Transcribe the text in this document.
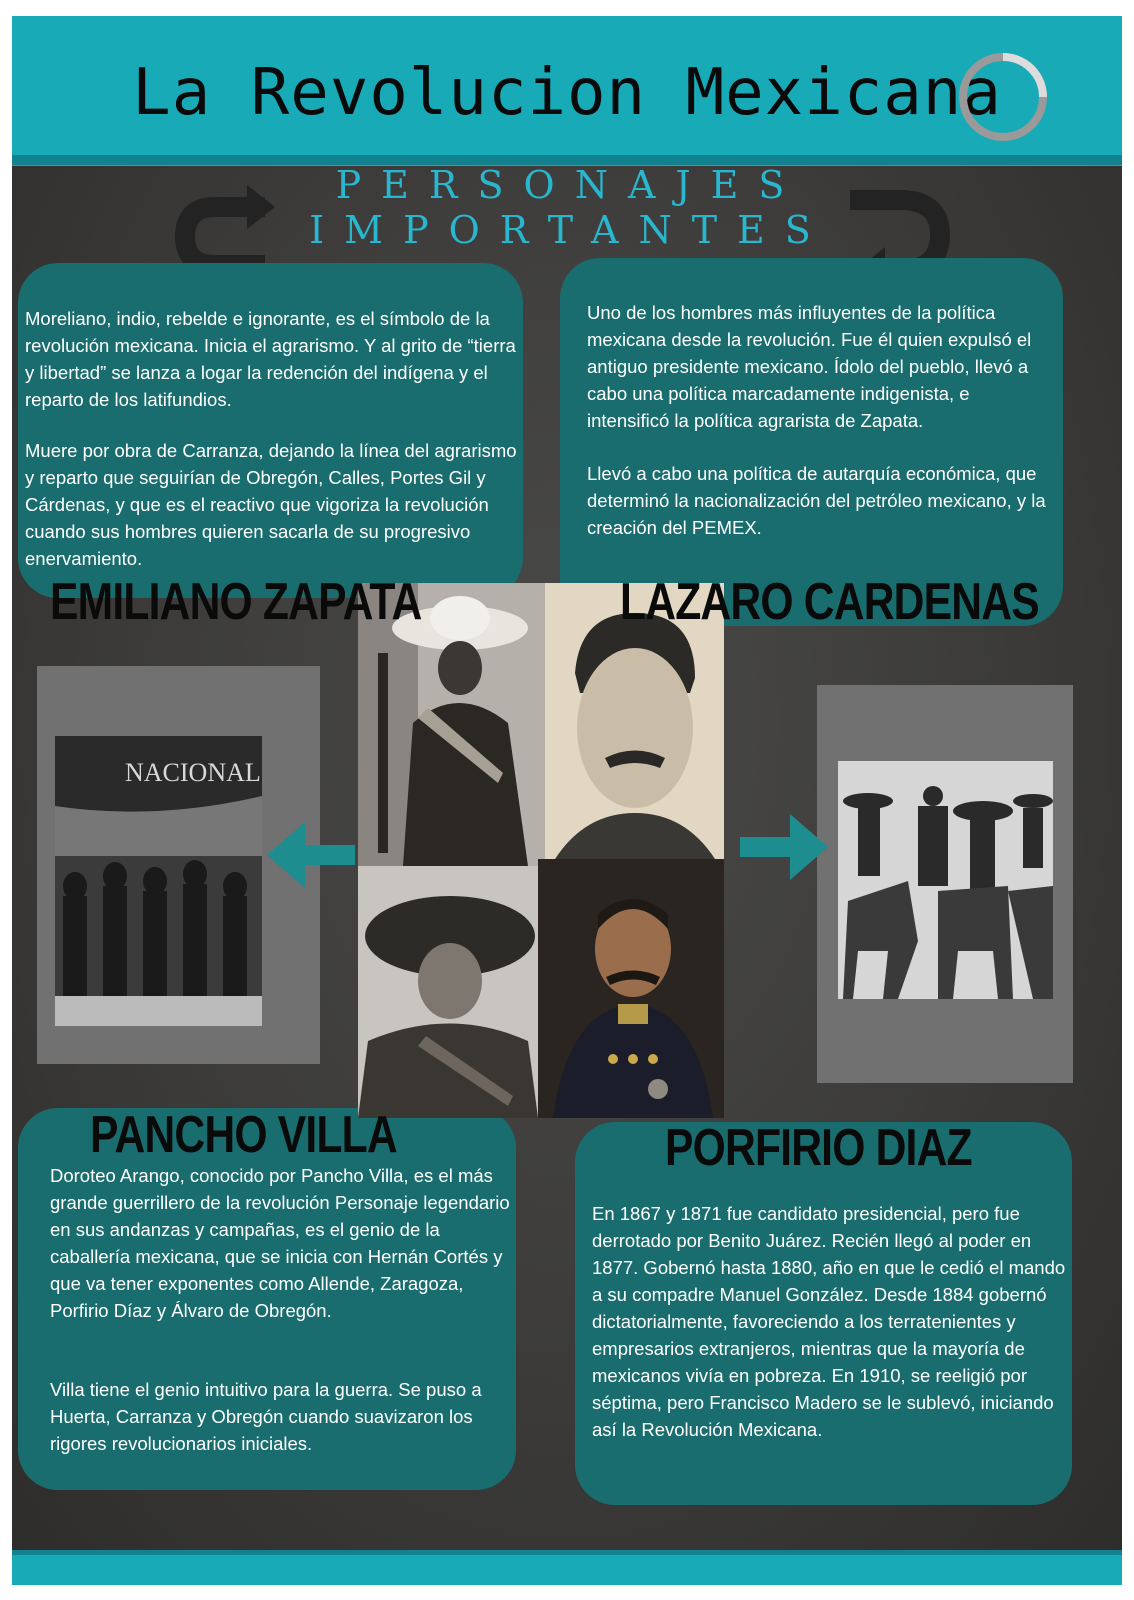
La Revolucion Mexicana
PERSONAJES
IMPORTANTES

Moreliano, indio, rebelde e ignorante, es el símbolo de la revolución mexicana. Inicia el agrarismo. Y al grito de “tierra y libertad” se lanza a logar la redención del indígena y el reparto de los latifundios.

Muere por obra de Carranza, dejando la línea del agrarismo y reparto que seguirían de Obregón, Calles, Portes Gil y Cárdenas, y que es el reactivo que vigoriza la revolución cuando sus hombres quieren sacarla de su progresivo enervamiento.

Uno de los hombres más influyentes de la política mexicana desde la revolución. Fue él quien expulsó el antiguo presidente mexicano. Ídolo del pueblo, llevó a cabo una política marcadamente indigenista, e intensificó la política agrarista de Zapata.

Llevó a cabo una política de autarquía económica, que determinó la nacionalización del petróleo mexicano, y la creación del PEMEX.

Doroteo Arango, conocido por Pancho Villa, es el más grande guerrillero de la revolución Personaje legendario en sus andanzas y campañas, es el genio de la caballería mexicana, que se inicia con Hernán Cortés y que va tener exponentes como Allende, Zaragoza, Porfirio Díaz y Álvaro de Obregón.

Villa tiene el genio intuitivo para la guerra. Se puso a Huerta, Carranza y Obregón cuando suavizaron los rigores revolucionarios iniciales.

En 1867 y 1871 fue candidato presidencial, pero fue derrotado por Benito Juárez. Recién llegó al poder en 1877. Gobernó hasta 1880, año en que le cedió el mando a su compadre Manuel González. Desde 1884 gobernó dictatorialmente, favoreciendo a los terratenientes y empresarios extranjeros, mientras que la mayoría de mexicanos vivía en pobreza. En 1910, se reeligió por séptima, pero Francisco Madero se le sublevó, iniciando así la Revolución Mexicana.

NACIONAL
EMILIANO ZAPATA	LAZARO CARDENAS
PANCHO VILLA	PORFIRIO DIAZ
